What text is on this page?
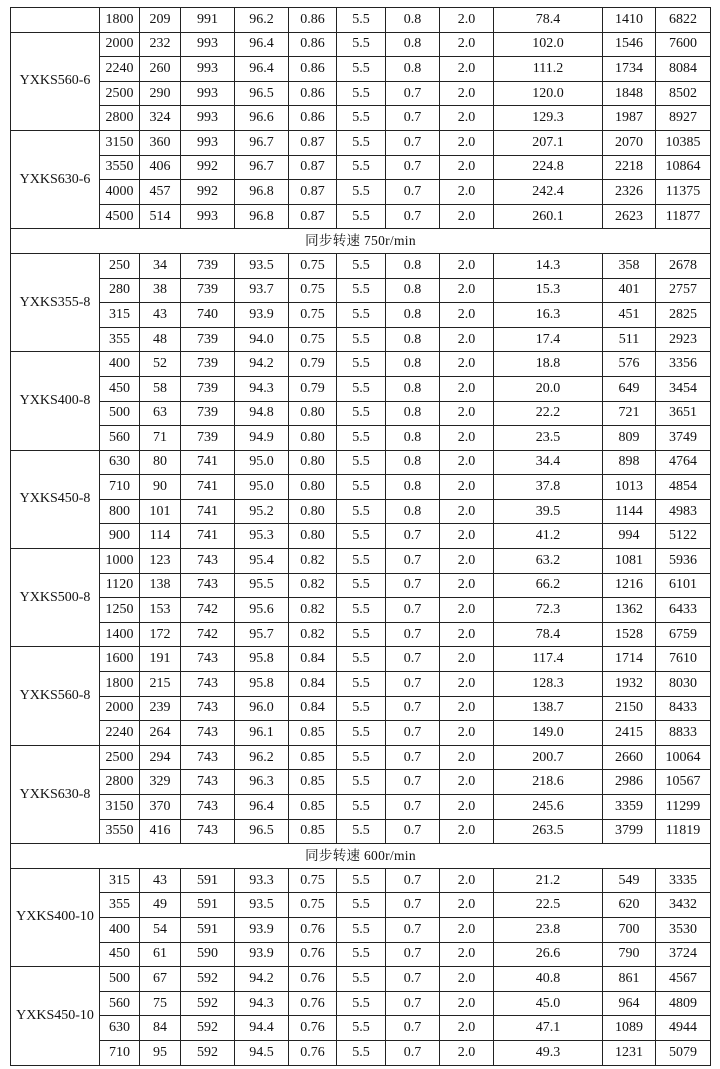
	1800	209	991	96.2	0.86	5.5	0.8	2.0	78.4	1410	6822	
YXKS560-6	2000	232	993	96.4	0.86	5.5	0.8	2.0	102.0	1546	7600	
	2240	260	993	96.4	0.86	5.5	0.8	2.0	111.2	1734	8084	
	2500	290	993	96.5	0.86	5.5	0.7	2.0	120.0	1848	8502	
	2800	324	993	96.6	0.86	5.5	0.7	2.0	129.3	1987	8927	
YXKS630-6	3150	360	993	96.7	0.87	5.5	0.7	2.0	207.1	2070	10385	
	3550	406	992	96.7	0.87	5.5	0.7	2.0	224.8	2218	10864	
	4000	457	992	96.8	0.87	5.5	0.7	2.0	242.4	2326	11375	
	4500	514	993	96.8	0.87	5.5	0.7	2.0	260.1	2623	11877	
同步转速 750r/min												
YXKS355-8	250	34	739	93.5	0.75	5.5	0.8	2.0	14.3	358	2678	
	280	38	739	93.7	0.75	5.5	0.8	2.0	15.3	401	2757	
	315	43	740	93.9	0.75	5.5	0.8	2.0	16.3	451	2825	
	355	48	739	94.0	0.75	5.5	0.8	2.0	17.4	511	2923	
YXKS400-8	400	52	739	94.2	0.79	5.5	0.8	2.0	18.8	576	3356	
	450	58	739	94.3	0.79	5.5	0.8	2.0	20.0	649	3454	
	500	63	739	94.8	0.80	5.5	0.8	2.0	22.2	721	3651	
	560	71	739	94.9	0.80	5.5	0.8	2.0	23.5	809	3749	
YXKS450-8	630	80	741	95.0	0.80	5.5	0.8	2.0	34.4	898	4764	
	710	90	741	95.0	0.80	5.5	0.8	2.0	37.8	1013	4854	
	800	101	741	95.2	0.80	5.5	0.8	2.0	39.5	1144	4983	
	900	114	741	95.3	0.80	5.5	0.7	2.0	41.2	994	5122	
YXKS500-8	1000	123	743	95.4	0.82	5.5	0.7	2.0	63.2	1081	5936	
	1120	138	743	95.5	0.82	5.5	0.7	2.0	66.2	1216	6101	
	1250	153	742	95.6	0.82	5.5	0.7	2.0	72.3	1362	6433	
	1400	172	742	95.7	0.82	5.5	0.7	2.0	78.4	1528	6759	
YXKS560-8	1600	191	743	95.8	0.84	5.5	0.7	2.0	117.4	1714	7610	
	1800	215	743	95.8	0.84	5.5	0.7	2.0	128.3	1932	8030	
	2000	239	743	96.0	0.84	5.5	0.7	2.0	138.7	2150	8433	
	2240	264	743	96.1	0.85	5.5	0.7	2.0	149.0	2415	8833	
YXKS630-8	2500	294	743	96.2	0.85	5.5	0.7	2.0	200.7	2660	10064	
	2800	329	743	96.3	0.85	5.5	0.7	2.0	218.6	2986	10567	
	3150	370	743	96.4	0.85	5.5	0.7	2.0	245.6	3359	11299	
	3550	416	743	96.5	0.85	5.5	0.7	2.0	263.5	3799	11819	
同步转速 600r/min												
YXKS400-10	315	43	591	93.3	0.75	5.5	0.7	2.0	21.2	549	3335	
	355	49	591	93.5	0.75	5.5	0.7	2.0	22.5	620	3432	
	400	54	591	93.9	0.76	5.5	0.7	2.0	23.8	700	3530	
	450	61	590	93.9	0.76	5.5	0.7	2.0	26.6	790	3724	
YXKS450-10	500	67	592	94.2	0.76	5.5	0.7	2.0	40.8	861	4567	
	560	75	592	94.3	0.76	5.5	0.7	2.0	45.0	964	4809	
	630	84	592	94.4	0.76	5.5	0.7	2.0	47.1	1089	4944	
	710	95	592	94.5	0.76	5.5	0.7	2.0	49.3	1231	5079	
